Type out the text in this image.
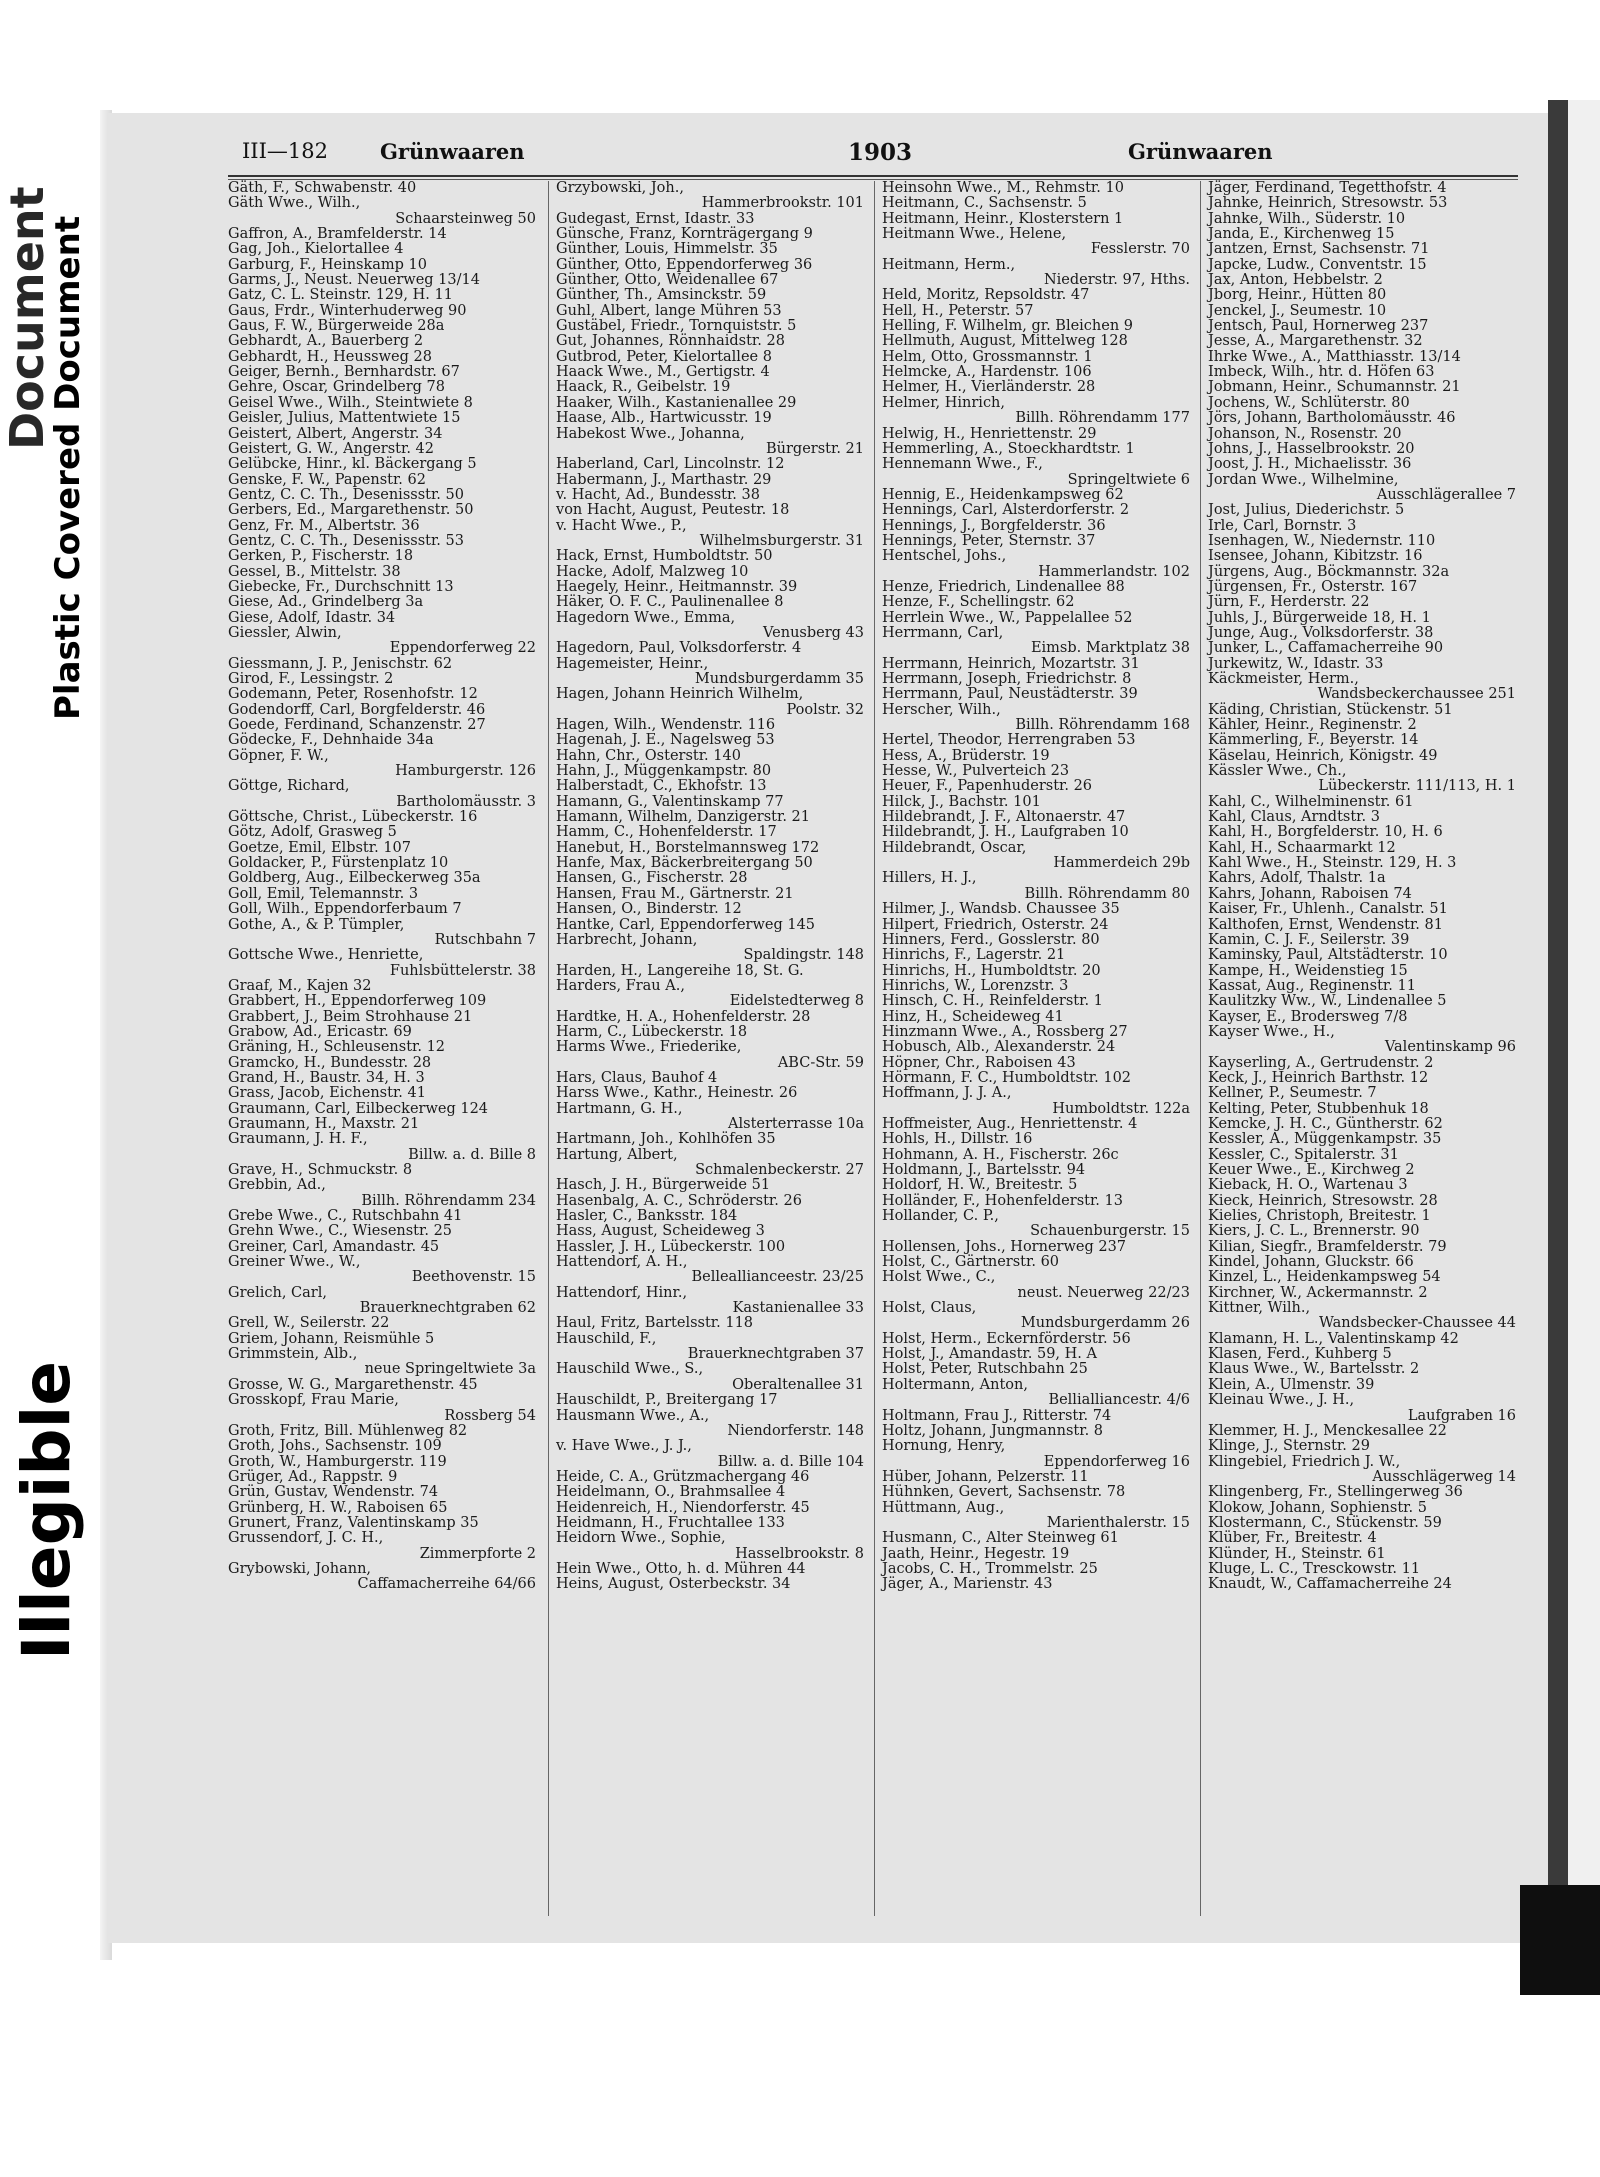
Document
Plastic Covered Document
Illegible
III—182 Grünwaaren	1903	Grünwaaren
Gäth, F., Schwabenstr. 40
Gäth Wwe., Wilh.,
Schaarsteinweg 50
Gaffron, A., Bramfelderstr. 14
Gag, Joh., Kielortallee 4
Garburg, F., Heinskamp 10
Garms, J., Neust. Neuerweg 13/14
Gatz, C. L. Steinstr. 129, H. 11
Gaus, Frdr., Winterhuderweg 90
Gaus, F. W., Bürgerweide 28a
Gebhardt, A., Bauerberg 2
Gebhardt, H., Heussweg 28
Geiger, Bernh., Bernhardstr. 67
Gehre, Oscar, Grindelberg 78
Geisel Wwe., Wilh., Steintwiete 8
Geisler, Julius, Mattentwiete 15
Geistert, Albert, Angerstr. 34
Geistert, G. W., Angerstr. 42
Gelübcke, Hinr., kl. Bäckergang 5
Genske, F. W., Papenstr. 62
Gentz, C. C. Th., Desenissstr. 50
Gerbers, Ed., Margarethenstr. 50
Genz, Fr. M., Albertstr. 36
Gentz, C. C. Th., Desenissstr. 53
Gerken, P., Fischerstr. 18
Gessel, B., Mittelstr. 38
Giebecke, Fr., Durchschnitt 13
Giese, Ad., Grindelberg 3a
Giese, Adolf, Idastr. 34
Giessler, Alwin,
Eppendorferweg 22
Giessmann, J. P., Jenischstr. 62
Girod, F., Lessingstr. 2
Godemann, Peter, Rosenhofstr. 12
Godendorff, Carl, Borgfelderstr. 46
Goede, Ferdinand, Schanzenstr. 27
Gödecke, F., Dehnhaide 34a
Göpner, F. W.,
Hamburgerstr. 126
Göttge, Richard,
Bartholomäusstr. 3
Göttsche, Christ., Lübeckerstr. 16
Götz, Adolf, Grasweg 5
Goetze, Emil, Elbstr. 107
Goldacker, P., Fürstenplatz 10
Goldberg, Aug., Eilbeckerweg 35a
Goll, Emil, Telemannstr. 3
Goll, Wilh., Eppendorferbaum 7
Gothe, A., & P. Tümpler,
Rutschbahn 7
Gottsche Wwe., Henriette,
Fuhlsbüttelerstr. 38
Graaf, M., Kajen 32
Grabbert, H., Eppendorferweg 109
Grabbert, J., Beim Strohhause 21
Grabow, Ad., Ericastr. 69
Gräning, H., Schleusenstr. 12
Gramcko, H., Bundesstr. 28
Grand, H., Baustr. 34, H. 3
Grass, Jacob, Eichenstr. 41
Graumann, Carl, Eilbeckerweg 124
Graumann, H., Maxstr. 21
Graumann, J. H. F.,
Billw. a. d. Bille 8
Grave, H., Schmuckstr. 8
Grebbin, Ad.,
Billh. Röhrendamm 234
Grebe Wwe., C., Rutschbahn 41
Grehn Wwe., C., Wiesenstr. 25
Greiner, Carl, Amandastr. 45
Greiner Wwe., W.,
Beethovenstr. 15
Grelich, Carl,
Brauerknechtgraben 62
Grell, W., Seilerstr. 22
Griem, Johann, Reismühle 5
Grimmstein, Alb.,
neue Springeltwiete 3a
Grosse, W. G., Margarethenstr. 45
Grosskopf, Frau Marie,
Rossberg 54
Groth, Fritz, Bill. Mühlenweg 82
Groth, Johs., Sachsenstr. 109
Groth, W., Hamburgerstr. 119
Grüger, Ad., Rappstr. 9
Grün, Gustav, Wendenstr. 74
Grünberg, H. W., Raboisen 65
Grunert, Franz, Valentinskamp 35
Grussendorf, J. C. H.,
Zimmerpforte 2
Grybowski, Johann,
Caffamacherreihe 64/66
Grzybowski, Joh.,
Hammerbrookstr. 101
Gudegast, Ernst, Idastr. 33
Günsche, Franz, Kornträgergang 9
Günther, Louis, Himmelstr. 35
Günther, Otto, Eppendorferweg 36
Günther, Otto, Weidenallee 67
Günther, Th., Amsinckstr. 59
Guhl, Albert, lange Mühren 53
Gustäbel, Friedr., Tornquiststr. 5
Gut, Johannes, Rönnhaidstr. 28
Gutbrod, Peter, Kielortallee 8
Haack Wwe., M., Gertigstr. 4
Haack, R., Geibelstr. 19
Haaker, Wilh., Kastanienallee 29
Haase, Alb., Hartwicusstr. 19
Habekost Wwe., Johanna,
Bürgerstr. 21
Haberland, Carl, Lincolnstr. 12
Habermann, J., Marthastr. 29
v. Hacht, Ad., Bundesstr. 38
von Hacht, August, Peutestr. 18
v. Hacht Wwe., P.,
Wilhelmsburgerstr. 31
Hack, Ernst, Humboldtstr. 50
Hacke, Adolf, Malzweg 10
Haegely, Heinr., Heitmannstr. 39
Häker, O. F. C., Paulinenallee 8
Hagedorn Wwe., Emma,
Venusberg 43
Hagedorn, Paul, Volksdorferstr. 4
Hagemeister, Heinr.,
Mundsburgerdamm 35
Hagen, Johann Heinrich Wilhelm,
Poolstr. 32
Hagen, Wilh., Wendenstr. 116
Hagenah, J. E., Nagelsweg 53
Hahn, Chr., Osterstr. 140
Hahn, J., Müggenkampstr. 80
Halberstadt, C., Ekhofstr. 13
Hamann, G., Valentinskamp 77
Hamann, Wilhelm, Danzigerstr. 21
Hamm, C., Hohenfelderstr. 17
Hanebut, H., Borstelmannsweg 172
Hanfe, Max, Bäckerbreitergang 50
Hansen, G., Fischerstr. 28
Hansen, Frau M., Gärtnerstr. 21
Hansen, O., Binderstr. 12
Hantke, Carl, Eppendorferweg 145
Harbrecht, Johann,
Spaldingstr. 148
Harden, H., Langereihe 18, St. G.
Harders, Frau A.,
Eidelstedterweg 8
Hardtke, H. A., Hohenfelderstr. 28
Harm, C., Lübeckerstr. 18
Harms Wwe., Friederike,
ABC-Str. 59
Hars, Claus, Bauhof 4
Harss Wwe., Kathr., Heinestr. 26
Hartmann, G. H.,
Alsterterrasse 10a
Hartmann, Joh., Kohlhöfen 35
Hartung, Albert,
Schmalenbeckerstr. 27
Hasch, J. H., Bürgerweide 51
Hasenbalg, A. C., Schröderstr. 26
Hasler, C., Banksstr. 184
Hass, August, Scheideweg 3
Hassler, J. H., Lübeckerstr. 100
Hattendorf, A. H.,
Belleallianceestr. 23/25
Hattendorf, Hinr.,
Kastanienallee 33
Haul, Fritz, Bartelsstr. 118
Hauschild, F.,
Brauerknechtgraben 37
Hauschild Wwe., S.,
Oberaltenallee 31
Hauschildt, P., Breitergang 17
Hausmann Wwe., A.,
Niendorferstr. 148
v. Have Wwe., J. J.,
Billw. a. d. Bille 104
Heide, C. A., Grützmachergang 46
Heidelmann, O., Brahmsallee 4
Heidenreich, H., Niendorferstr. 45
Heidmann, H., Fruchtallee 133
Heidorn Wwe., Sophie,
Hasselbrookstr. 8
Hein Wwe., Otto, h. d. Mühren 44
Heins, August, Osterbeckstr. 34
Heinsohn Wwe., M., Rehmstr. 10
Heitmann, C., Sachsenstr. 5
Heitmann, Heinr., Klosterstern 1
Heitmann Wwe., Helene,
Fesslerstr. 70
Heitmann, Herm.,
Niederstr. 97, Hths.
Held, Moritz, Repsoldstr. 47
Hell, H., Peterstr. 57
Helling, F. Wilhelm, gr. Bleichen 9
Hellmuth, August, Mittelweg 128
Helm, Otto, Grossmannstr. 1
Helmcke, A., Hardenstr. 106
Helmer, H., Vierländerstr. 28
Helmer, Hinrich,
Billh. Röhrendamm 177
Helwig, H., Henriettenstr. 29
Hemmerling, A., Stoeckhardtstr. 1
Hennemann Wwe., F.,
Springeltwiete 6
Hennig, E., Heidenkampsweg 62
Hennings, Carl, Alsterdorferstr. 2
Hennings, J., Borgfelderstr. 36
Hennings, Peter, Sternstr. 37
Hentschel, Johs.,
Hammerlandstr. 102
Henze, Friedrich, Lindenallee 88
Henze, F., Schellingstr. 62
Herrlein Wwe., W., Pappelallee 52
Herrmann, Carl,
Eimsb. Marktplatz 38
Herrmann, Heinrich, Mozartstr. 31
Herrmann, Joseph, Friedrichstr. 8
Herrmann, Paul, Neustädterstr. 39
Herscher, Wilh.,
Billh. Röhrendamm 168
Hertel, Theodor, Herrengraben 53
Hess, A., Brüderstr. 19
Hesse, W., Pulverteich 23
Heuer, F., Papenhuderstr. 26
Hilck, J., Bachstr. 101
Hildebrandt, J. F., Altonaerstr. 47
Hildebrandt, J. H., Laufgraben 10
Hildebrandt, Oscar,
Hammerdeich 29b
Hillers, H. J.,
Billh. Röhrendamm 80
Hilmer, J., Wandsb. Chaussee 35
Hilpert, Friedrich, Osterstr. 24
Hinners, Ferd., Gosslerstr. 80
Hinrichs, F., Lagerstr. 21
Hinrichs, H., Humboldtstr. 20
Hinrichs, W., Lorenzstr. 3
Hinsch, C. H., Reinfelderstr. 1
Hinz, H., Scheideweg 41
Hinzmann Wwe., A., Rossberg 27
Hobusch, Alb., Alexanderstr. 24
Höpner, Chr., Raboisen 43
Hörmann, F. C., Humboldtstr. 102
Hoffmann, J. J. A.,
Humboldtstr. 122a
Hoffmeister, Aug., Henriettenstr. 4
Hohls, H., Dillstr. 16
Hohmann, A. H., Fischerstr. 26c
Holdmann, J., Bartelsstr. 94
Holdorf, H. W., Breitestr. 5
Holländer, F., Hohenfelderstr. 13
Hollander, C. P.,
Schauenburgerstr. 15
Hollensen, Johs., Hornerweg 237
Holst, C., Gärtnerstr. 60
Holst Wwe., C.,
neust. Neuerweg 22/23
Holst, Claus,
Mundsburgerdamm 26
Holst, Herm., Eckernförderstr. 56
Holst, J., Amandastr. 59, H. A
Holst, Peter, Rutschbahn 25
Holtermann, Anton,
Bellialliancestr. 4/6
Holtmann, Frau J., Ritterstr. 74
Holtz, Johann, Jungmannstr. 8
Hornung, Henry,
Eppendorferweg 16
Hüber, Johann, Pelzerstr. 11
Hühnken, Gevert, Sachsenstr. 78
Hüttmann, Aug.,
Marienthalerstr. 15
Husmann, C., Alter Steinweg 61
Jaath, Heinr., Hegestr. 19
Jacobs, C. H., Trommelstr. 25
Jäger, A., Marienstr. 43
Jäger, Ferdinand, Tegetthofstr. 4
Jahnke, Heinrich, Stresowstr. 53
Jahnke, Wilh., Süderstr. 10
Janda, E., Kirchenweg 15
Jantzen, Ernst, Sachsenstr. 71
Japcke, Ludw., Conventstr. 15
Jax, Anton, Hebbelstr. 2
Jborg, Heinr., Hütten 80
Jenckel, J., Seumestr. 10
Jentsch, Paul, Hornerweg 237
Jesse, A., Margarethenstr. 32
Ihrke Wwe., A., Matthiasstr. 13/14
Imbeck, Wilh., htr. d. Höfen 63
Jobmann, Heinr., Schumannstr. 21
Jochens, W., Schlüterstr. 80
Jörs, Johann, Bartholomäusstr. 46
Johanson, N., Rosenstr. 20
Johns, J., Hasselbrookstr. 20
Joost, J. H., Michaelisstr. 36
Jordan Wwe., Wilhelmine,
Ausschlägerallee 7
Jost, Julius, Diederichstr. 5
Irle, Carl, Bornstr. 3
Isenhagen, W., Niedernstr. 110
Isensee, Johann, Kibitzstr. 16
Jürgens, Aug., Böckmannstr. 32a
Jürgensen, Fr., Osterstr. 167
Jürn, F., Herderstr. 22
Juhls, J., Bürgerweide 18, H. 1
Junge, Aug., Volksdorferstr. 38
Junker, L., Caffamacherreihe 90
Jurkewitz, W., Idastr. 33
Käckmeister, Herm.,
Wandsbeckerchaussee 251
Käding, Christian, Stückenstr. 51
Kähler, Heinr., Reginenstr. 2
Kämmerling, F., Beyerstr. 14
Käselau, Heinrich, Königstr. 49
Kässler Wwe., Ch.,
Lübeckerstr. 111/113, H. 1
Kahl, C., Wilhelminenstr. 61
Kahl, Claus, Arndtstr. 3
Kahl, H., Borgfelderstr. 10, H. 6
Kahl, H., Schaarmarkt 12
Kahl Wwe., H., Steinstr. 129, H. 3
Kahrs, Adolf, Thalstr. 1a
Kahrs, Johann, Raboisen 74
Kaiser, Fr., Uhlenh., Canalstr. 51
Kalthofen, Ernst, Wendenstr. 81
Kamin, C. J. F., Seilerstr. 39
Kaminsky, Paul, Altstädterstr. 10
Kampe, H., Weidenstieg 15
Kassat, Aug., Reginenstr. 11
Kaulitzky Ww., W., Lindenallee 5
Kayser, E., Brodersweg 7/8
Kayser Wwe., H.,
Valentinskamp 96
Kayserling, A., Gertrudenstr. 2
Keck, J., Heinrich Barthstr. 12
Kellner, P., Seumestr. 7
Kelting, Peter, Stubbenhuk 18
Kemcke, J. H. C., Güntherstr. 62
Kessler, A., Müggenkampstr. 35
Kessler, C., Spitalerstr. 31
Keuer Wwe., E., Kirchweg 2
Kieback, H. O., Wartenau 3
Kieck, Heinrich, Stresowstr. 28
Kielies, Christoph, Breitestr. 1
Kiers, J. C. L., Brennerstr. 90
Kilian, Siegfr., Bramfelderstr. 79
Kindel, Johann, Gluckstr. 66
Kinzel, L., Heidenkampsweg 54
Kirchner, W., Ackermannstr. 2
Kittner, Wilh.,
Wandsbecker-Chaussee 44
Klamann, H. L., Valentinskamp 42
Klasen, Ferd., Kuhberg 5
Klaus Wwe., W., Bartelsstr. 2
Klein, A., Ulmenstr. 39
Kleinau Wwe., J. H.,
Laufgraben 16
Klemmer, H. J., Menckesallee 22
Klinge, J., Sternstr. 29
Klingebiel, Friedrich J. W.,
Ausschlägerweg 14
Klingenberg, Fr., Stellingerweg 36
Klokow, Johann, Sophienstr. 5
Klostermann, C., Stückenstr. 59
Klüber, Fr., Breitestr. 4
Klünder, H., Steinstr. 61
Kluge, L. C., Tresckowstr. 11
Knaudt, W., Caffamacherreihe 24
